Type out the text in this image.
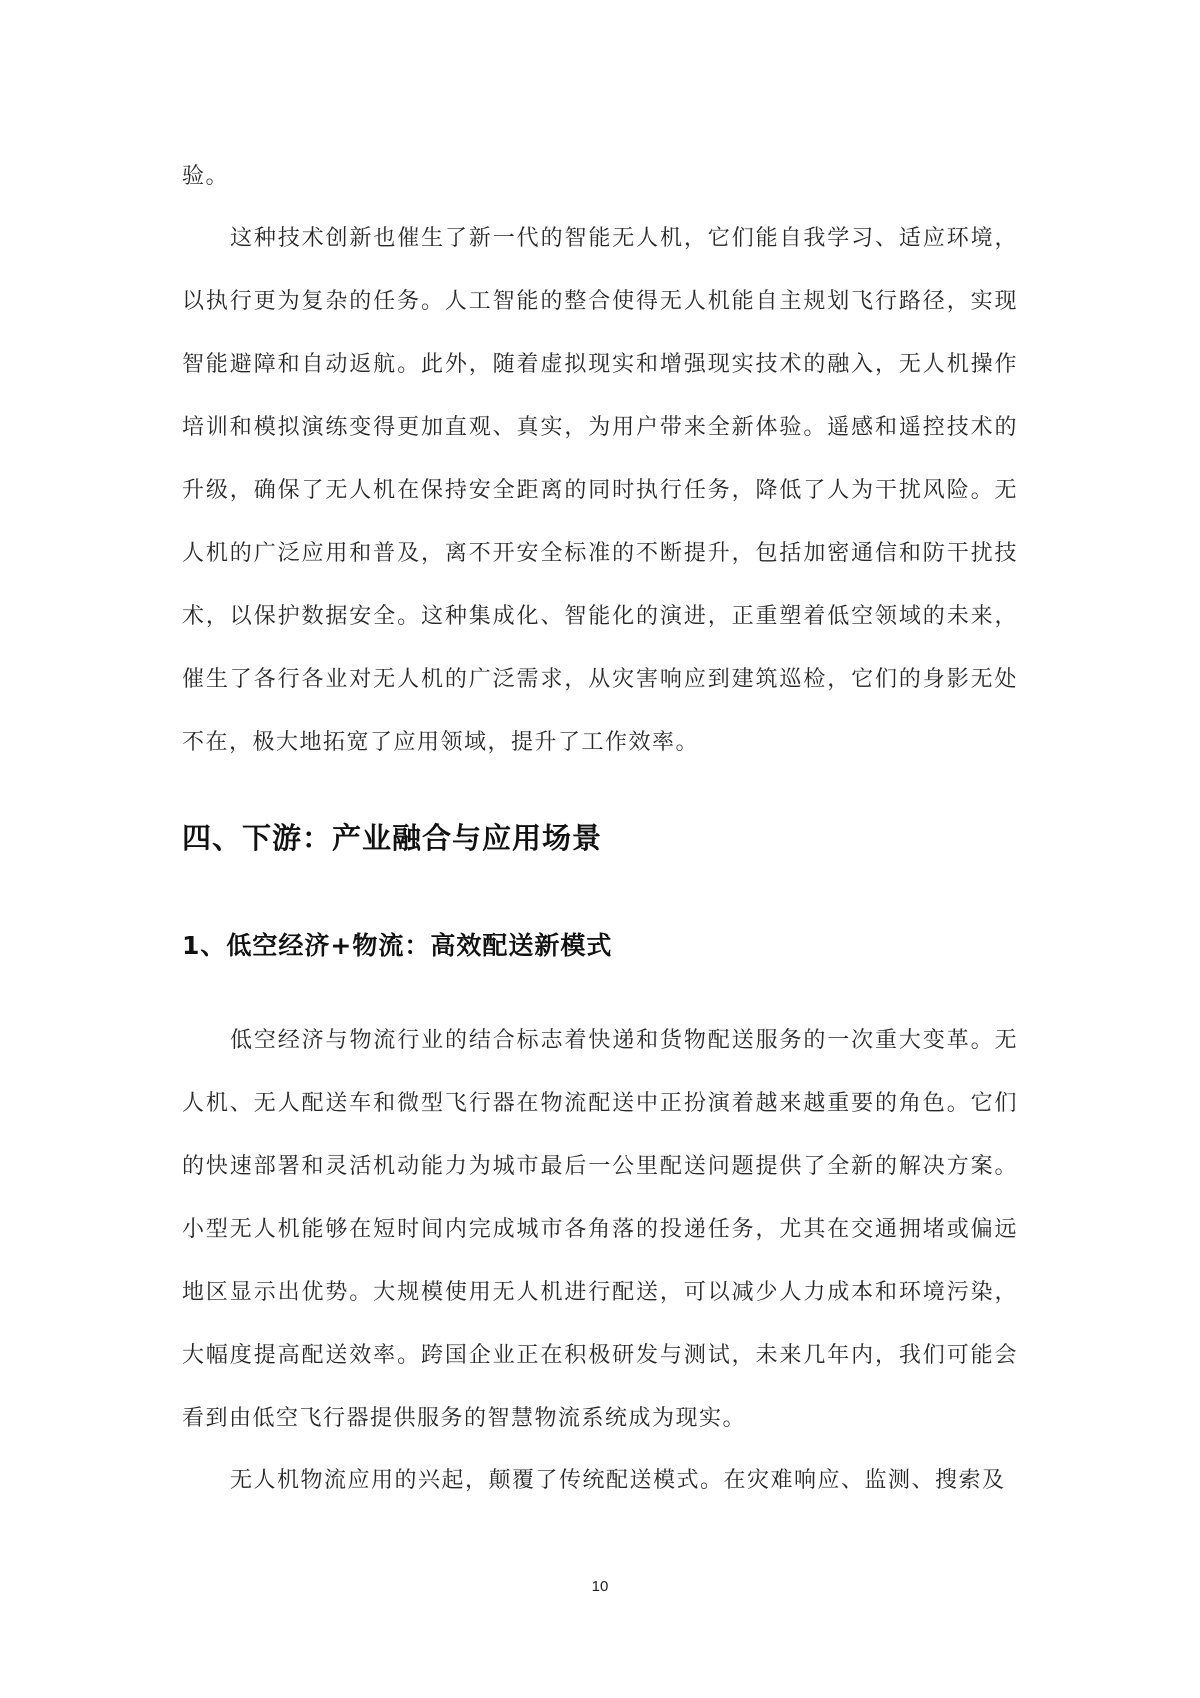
验。

这种技术创新也催生了新一代的智能无人机，它们能自我学习、适应环境，以执行更为复杂的任务。人工智能的整合使得无人机能自主规划飞行路径，实现智能避障和自动返航。此外，随着虚拟现实和增强现实技术的融入，无人机操作培训和模拟演练变得更加直观、真实，为用户带来全新体验。遥感和遥控技术的升级，确保了无人机在保持安全距离的同时执行任务，降低了人为干扰风险。无人机的广泛应用和普及，离不开安全标准的不断提升，包括加密通信和防干扰技术，以保护数据安全。这种集成化、智能化的演进，正重塑着低空领域的未来，催生了各行各业对无人机的广泛需求，从灾害响应到建筑巡检，它们的身影无处不在，极大地拓宽了应用领域，提升了工作效率。

四、下游：产业融合与应用场景
1、低空经济+物流：高效配送新模式

低空经济与物流行业的结合标志着快递和货物配送服务的一次重大变革。无人机、无人配送车和微型飞行器在物流配送中正扮演着越来越重要的角色。它们的快速部署和灵活机动能力为城市最后一公里配送问题提供了全新的解决方案。小型无人机能够在短时间内完成城市各角落的投递任务，尤其在交通拥堵或偏远地区显示出优势。大规模使用无人机进行配送，可以减少人力成本和环境污染，大幅度提高配送效率。跨国企业正在积极研发与测试，未来几年内，我们可能会看到由低空飞行器提供服务的智慧物流系统成为现实。

无人机物流应用的兴起，颠覆了传统配送模式。在灾难响应、监测、搜索及

10
